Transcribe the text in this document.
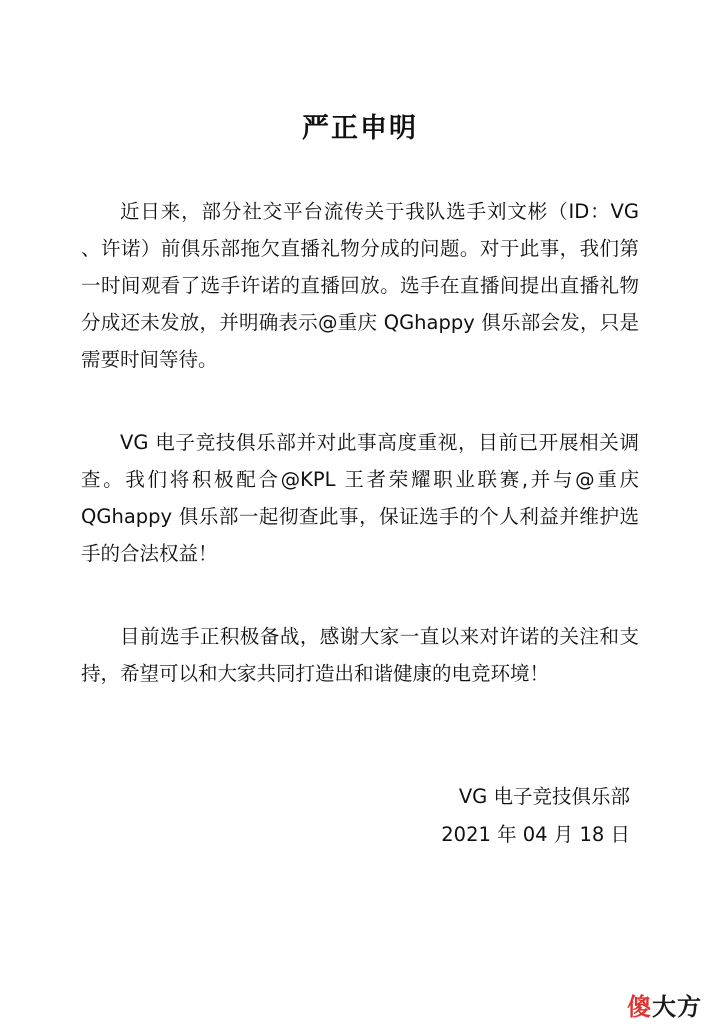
严正申明

近日来，部分社交平台流传关于我队选手刘文彬（ID：VG 、许诺）前俱乐部拖欠直播礼物分成的问题。对于此事，我们第一时间观看了选手许诺的直播回放。选手在直播间提出直播礼物分成还未发放，并明确表示@重庆 QGhappy 俱乐部会发，只是需要时间等待。

VG 电子竞技俱乐部并对此事高度重视，目前已开展相关调查。我们将积极配合@KPL 王者荣耀职业联赛,并与@重庆 QGhappy 俱乐部一起彻查此事，保证选手的个人利益并维护选手的合法权益！

目前选手正积极备战，感谢大家一直以来对许诺的关注和支持，希望可以和大家共同打造出和谐健康的电竞环境！

VG 电子竞技俱乐部
2021 年 04 月 18 日
傻大方
